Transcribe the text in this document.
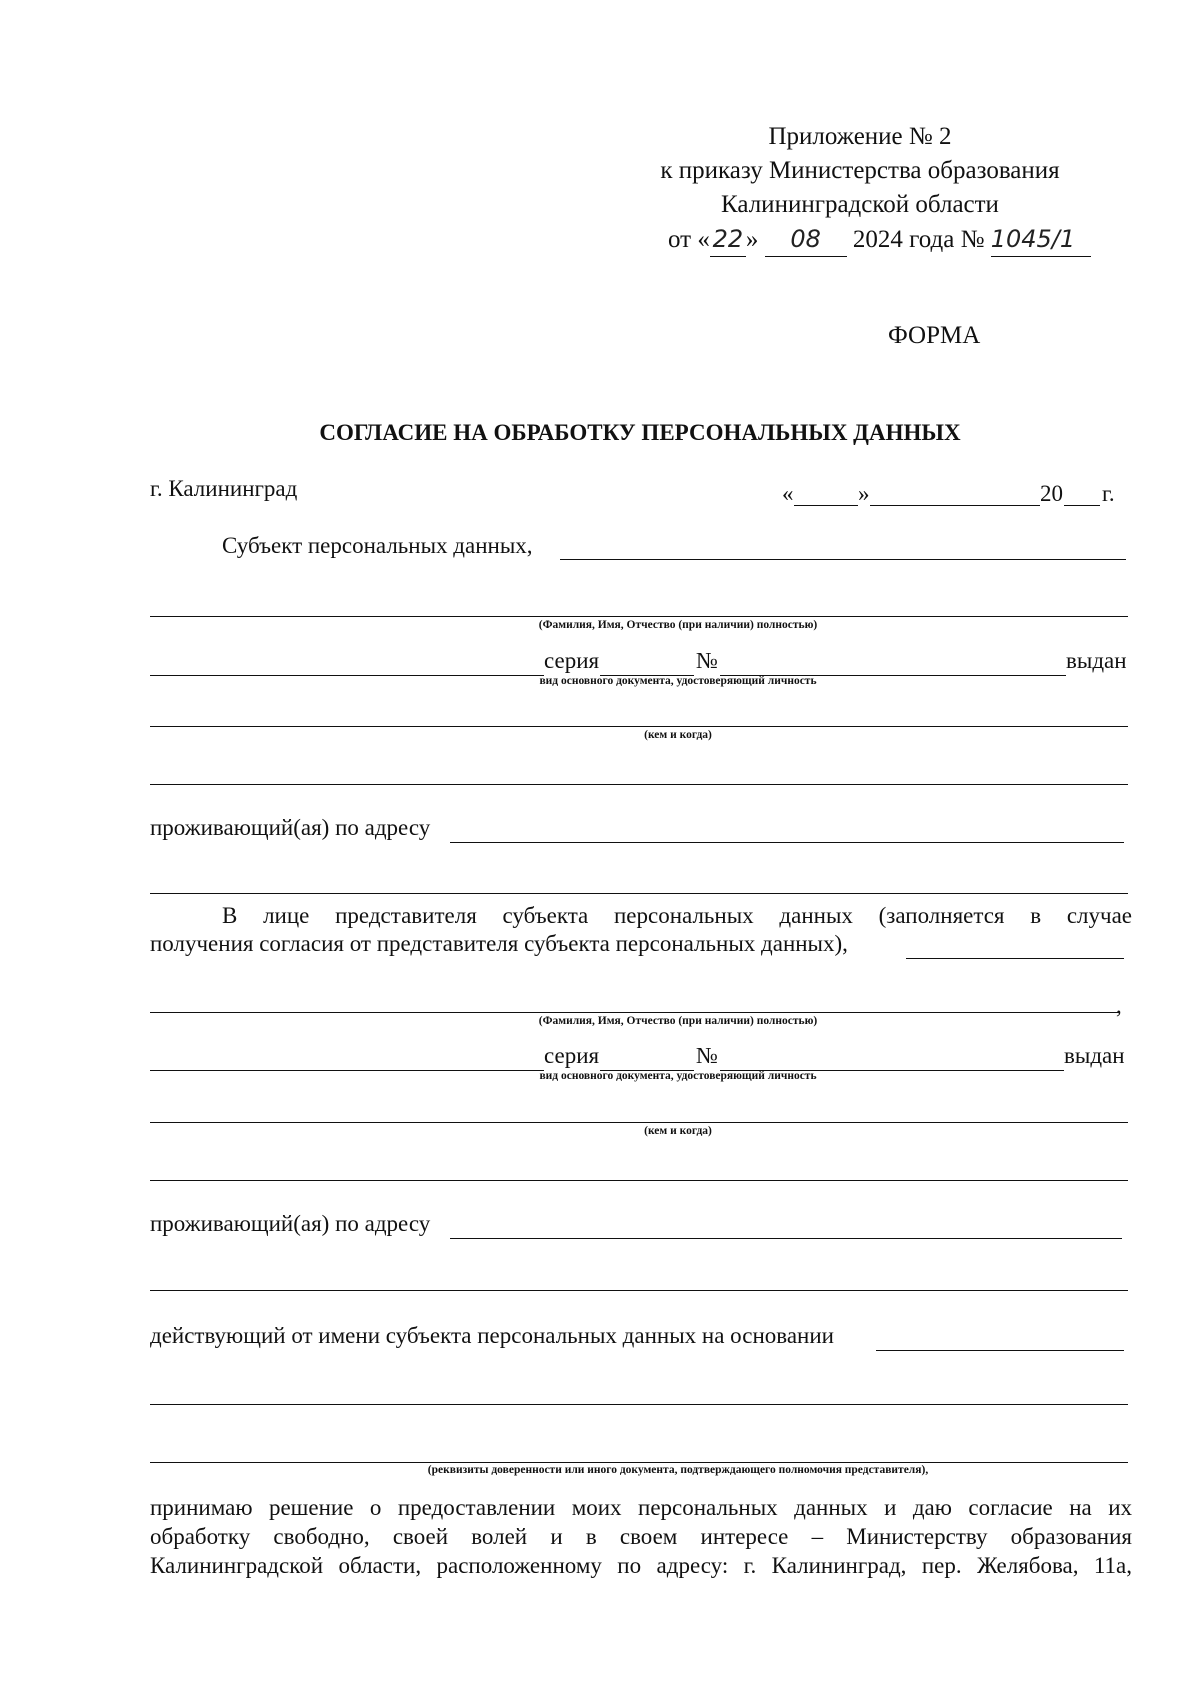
Приложение № 2
к приказу Министерства образования
Калининградской области
от « 22 » 08 2024 года № 1045/1
ФОРМА
СОГЛАСИЕ НА ОБРАБОТКУ ПЕРСОНАЛЬНЫХ ДАННЫХ
г. Калининград	«	»	20 г.
Субъект персональных данных,
(Фамилия, Имя, Отчество (при наличии) полностью)
серия	№	выдан
вид основного документа, удостоверяющий личность
(кем и когда)
проживающий(ая) по адресу
В лице представителя субъекта персональных данных (заполняется в случае
получения согласия от представителя субъекта персональных данных),
,
(Фамилия, Имя, Отчество (при наличии) полностью)
серия	№	выдан
вид основного документа, удостоверяющий личность
(кем и когда)
проживающий(ая) по адресу
действующий от имени субъекта персональных данных на основании
(реквизиты доверенности или иного документа, подтверждающего полномочия представителя),
принимаю решение о предоставлении моих персональных данных и даю согласие на их
обработку свободно, своей волей и в своем интересе – Министерству образования
Калининградской области, расположенному по адресу: г. Калининград, пер. Желябова, 11а,
